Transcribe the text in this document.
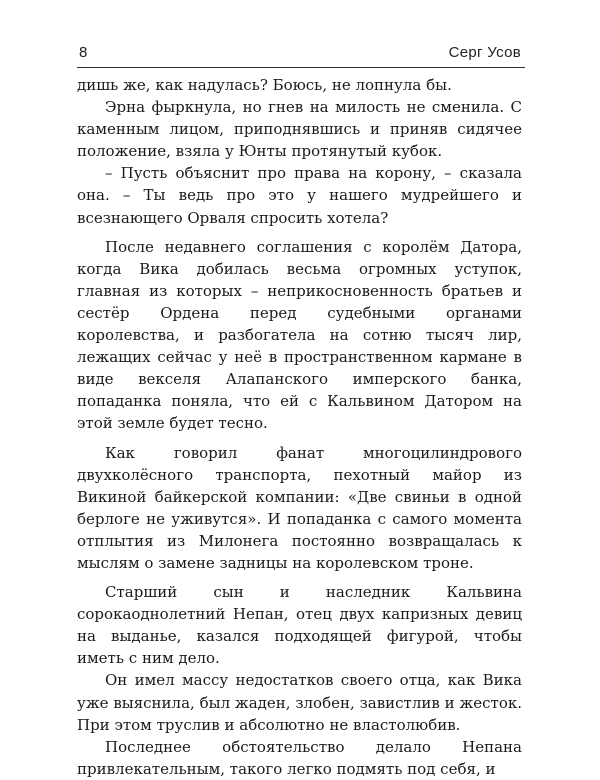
8	Серг Усов

дишь же, как надулась? Боюсь, не лопнула бы.

Эрна фыркнула, но гнев на милость не сменила. С каменным лицом, приподнявшись и приняв сидячее положение, взяла у Юнты протянутый кубок.

– Пусть объяснит про права на корону, – сказала она. – Ты ведь про это у нашего мудрейшего и всезнающего Орваля спросить хотела?

После недавнего соглашения с королём Датора, когда Вика добилась весьма огромных уступок, главная из которых – неприкосновенность братьев и сестёр Ордена перед судебными органами королевства, и разбогатела на сотню тысяч лир, лежащих сейчас у неё в пространственном кармане в виде векселя Алапанского имперского банка, попаданка поняла, что ей с Кальвином Датором на этой земле будет тесно.

Как говорил фанат многоцилиндрового двухколёсного транспорта, пехотный майор из Викиной байкерской компании: «Две свиньи в одной берлоге не уживутся». И попаданка с самого момента отплытия из Милонега постоянно возвращалась к мыслям о замене задницы на королевском троне.

Старший сын и наследник Кальвина сорокаоднолетний Непан, отец двух капризных девиц на выданье, казался подходящей фигурой, чтобы иметь с ним дело.

Он имел массу недостатков своего отца, как Вика уже выяснила, был жаден, злобен, завистлив и жесток. При этом труслив и абсолютно не властолюбив.

Последнее обстоятельство делало Непана привлекательным, такого легко подмять под себя, и
